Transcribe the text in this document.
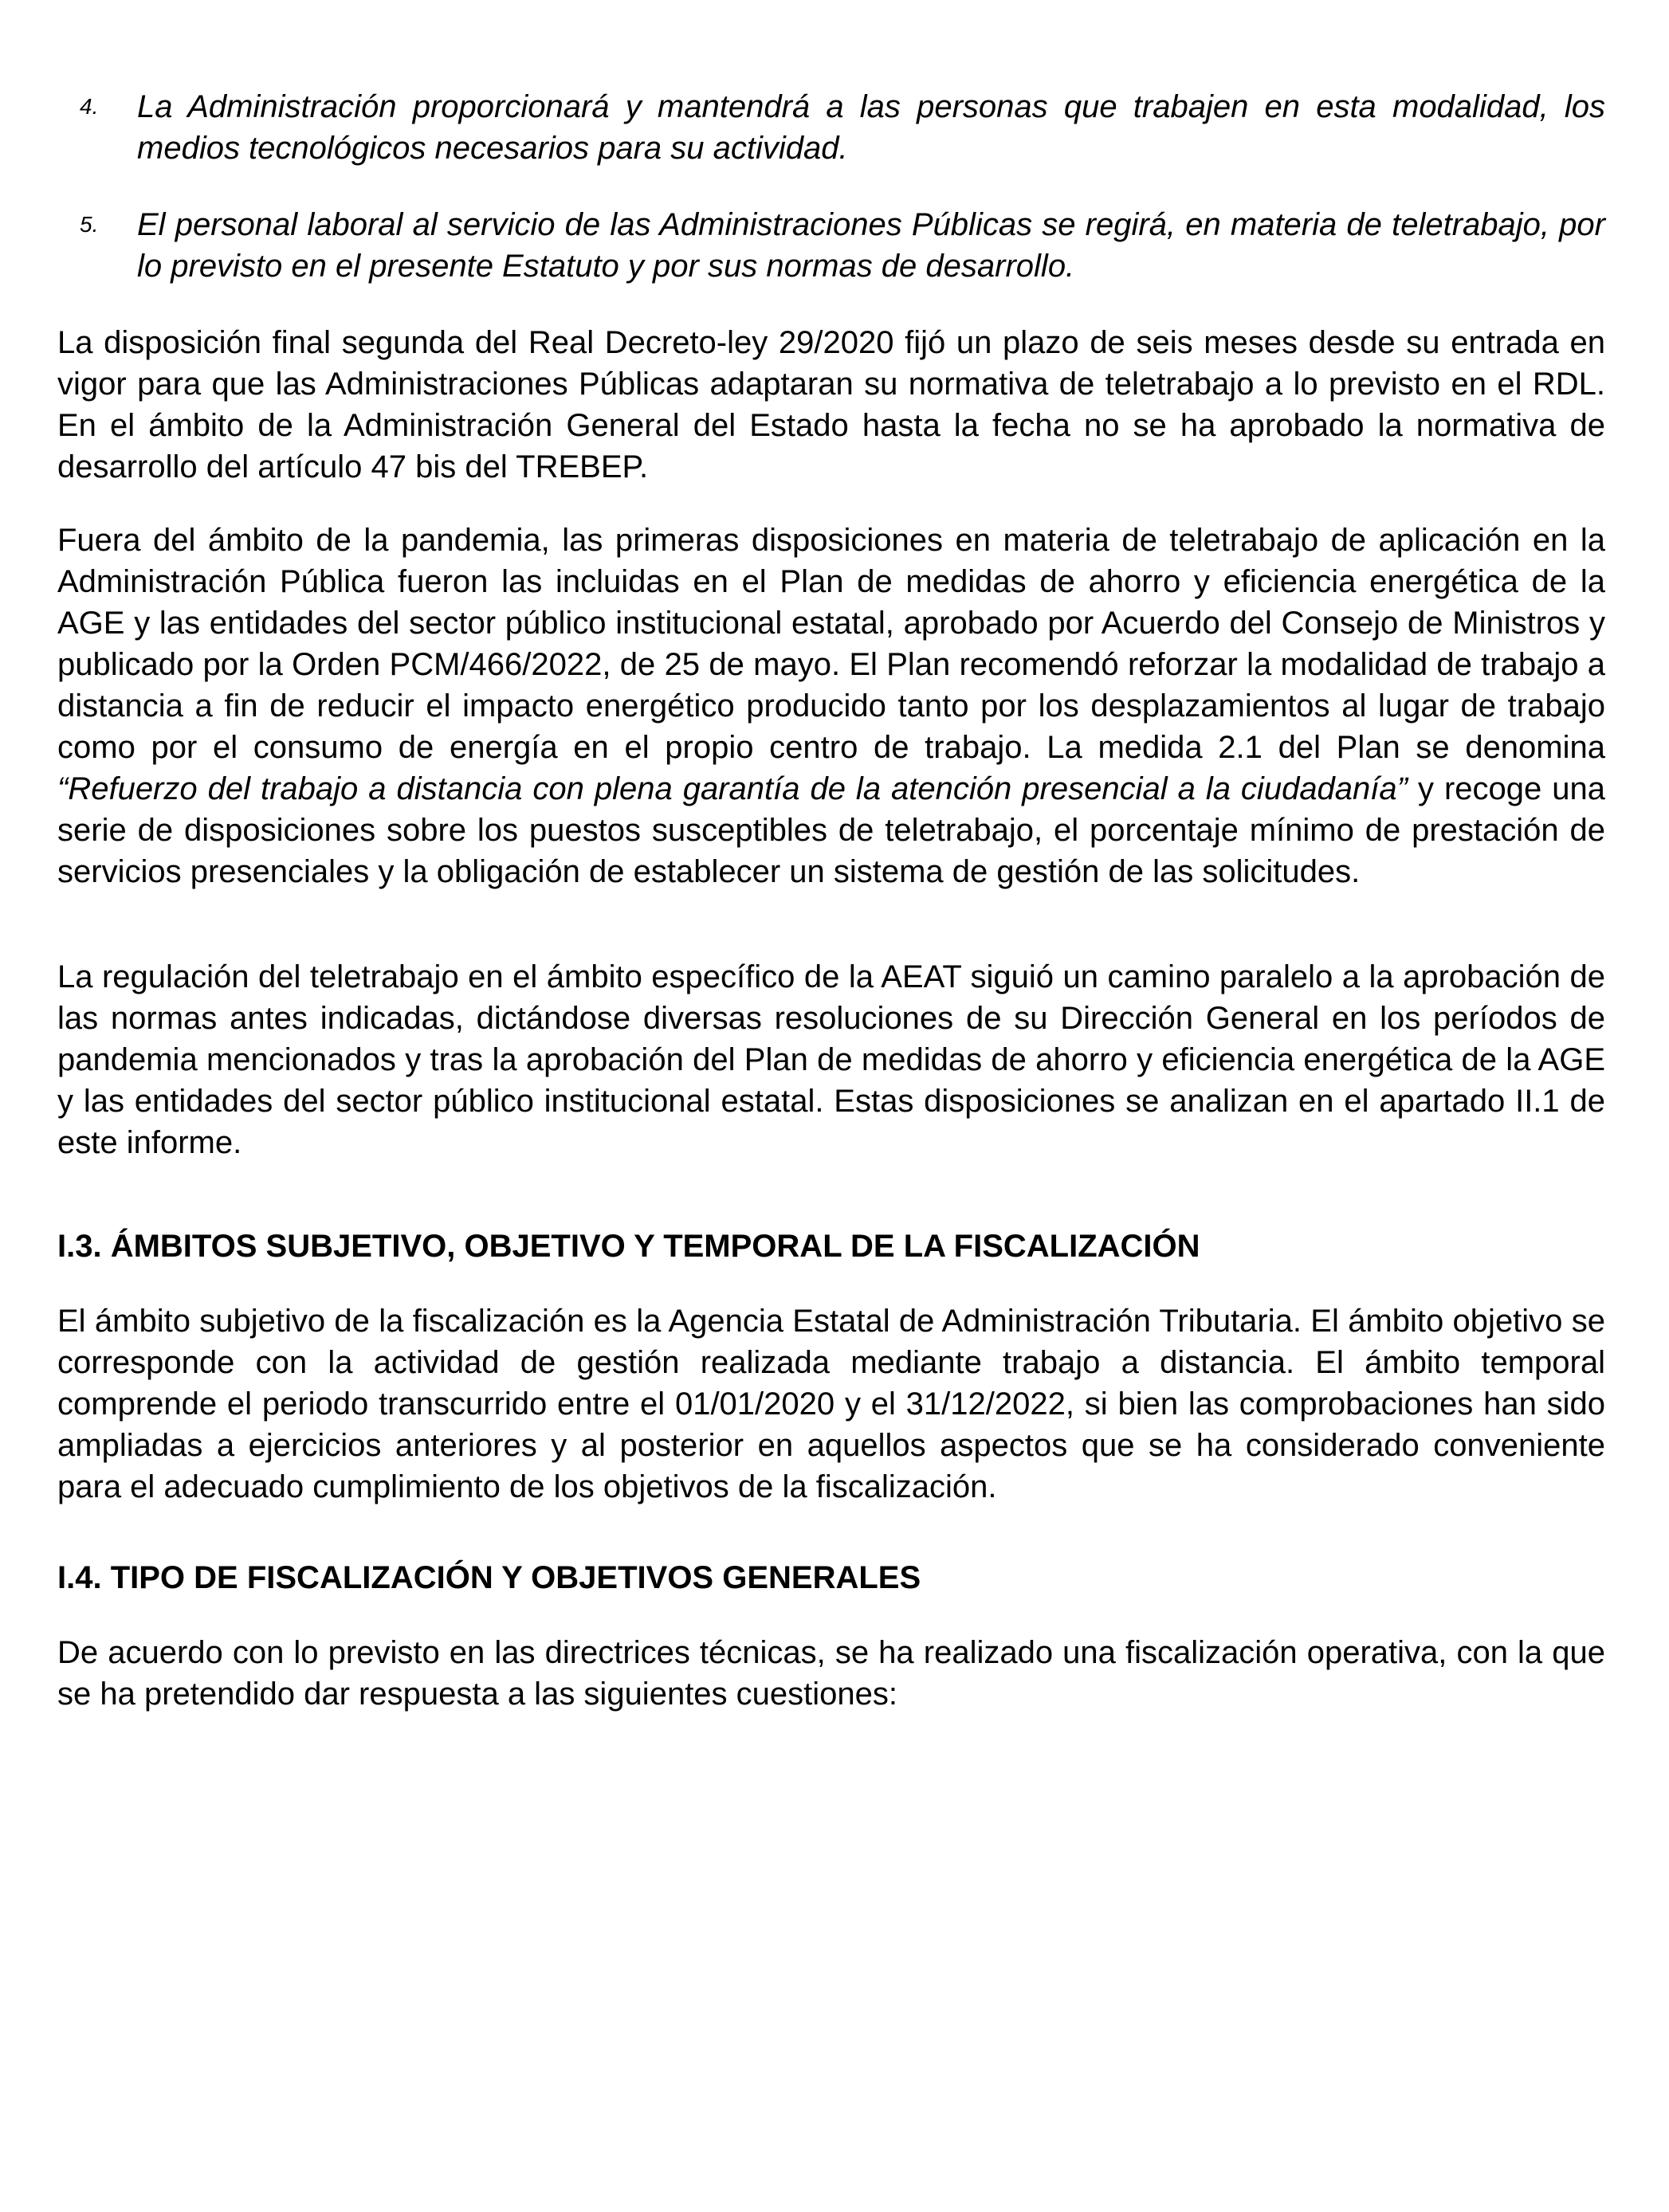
4. La Administración proporcionará y mantendrá a las personas que trabajen en esta modalidad, los medios tecnológicos necesarios para su actividad.

5. El personal laboral al servicio de las Administraciones Públicas se regirá, en materia de teletrabajo, por lo previsto en el presente Estatuto y por sus normas de desarrollo.

La disposición final segunda del Real Decreto-ley 29/2020 fijó un plazo de seis meses desde su entrada en vigor para que las Administraciones Públicas adaptaran su normativa de teletrabajo a lo previsto en el RDL. En el ámbito de la Administración General del Estado hasta la fecha no se ha aprobado la normativa de desarrollo del artículo 47 bis del TREBEP.

Fuera del ámbito de la pandemia, las primeras disposiciones en materia de teletrabajo de aplicación en la Administración Pública fueron las incluidas en el Plan de medidas de ahorro y eficiencia energética de la AGE y las entidades del sector público institucional estatal, aprobado por Acuerdo del Consejo de Ministros y publicado por la Orden PCM/466/2022, de 25 de mayo. El Plan recomendó reforzar la modalidad de trabajo a distancia a fin de reducir el impacto energético producido tanto por los desplazamientos al lugar de trabajo como por el consumo de energía en el propio centro de trabajo. La medida 2.1 del Plan se denomina “Refuerzo del trabajo a distancia con plena garantía de la atención presencial a la ciudadanía” y recoge una serie de disposiciones sobre los puestos susceptibles de teletrabajo, el porcentaje mínimo de prestación de servicios presenciales y la obligación de establecer un sistema de gestión de las solicitudes.

La regulación del teletrabajo en el ámbito específico de la AEAT siguió un camino paralelo a la aprobación de las normas antes indicadas, dictándose diversas resoluciones de su Dirección General en los períodos de pandemia mencionados y tras la aprobación del Plan de medidas de ahorro y eficiencia energética de la AGE y las entidades del sector público institucional estatal. Estas disposiciones se analizan en el apartado II.1 de este informe.

I.3. ÁMBITOS SUBJETIVO, OBJETIVO Y TEMPORAL DE LA FISCALIZACIÓN

El ámbito subjetivo de la fiscalización es la Agencia Estatal de Administración Tributaria. El ámbito objetivo se corresponde con la actividad de gestión realizada mediante trabajo a distancia. El ámbito temporal comprende el periodo transcurrido entre el 01/01/2020 y el 31/12/2022, si bien las comprobaciones han sido ampliadas a ejercicios anteriores y al posterior en aquellos aspectos que se ha considerado conveniente para el adecuado cumplimiento de los objetivos de la fiscalización.

I.4. TIPO DE FISCALIZACIÓN Y OBJETIVOS GENERALES

De acuerdo con lo previsto en las directrices técnicas, se ha realizado una fiscalización operativa, con la que se ha pretendido dar respuesta a las siguientes cuestiones:
